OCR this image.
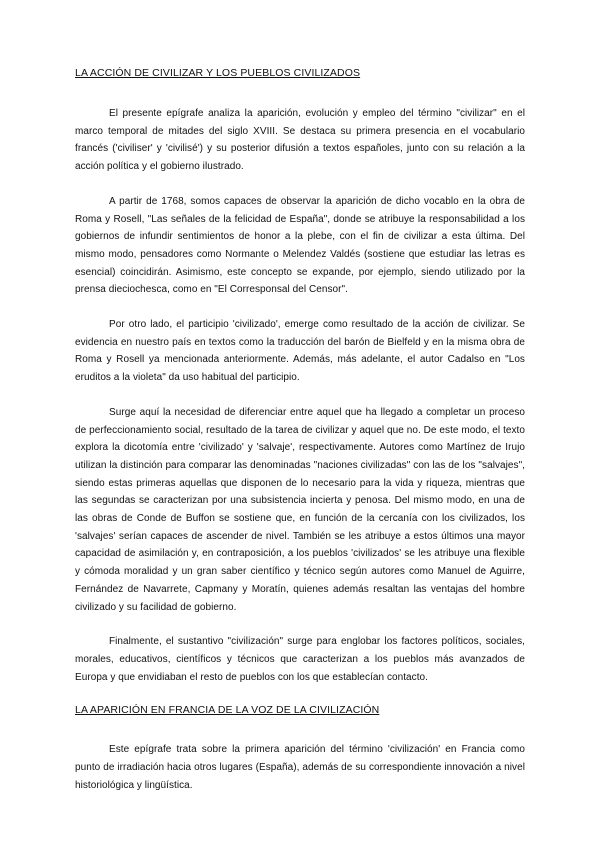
LA ACCIÓN DE CIVILIZAR Y LOS PUEBLOS CIVILIZADOS

El presente epígrafe analiza la aparición, evolución y empleo del término "civilizar" en el marco temporal de mitades del siglo XVIII. Se destaca su primera presencia en el vocabulario francés ('civiliser' y 'civilisé') y su posterior difusión a textos españoles, junto con su relación a la acción política y el gobierno ilustrado.

A partir de 1768, somos capaces de observar la aparición de dicho vocablo en la obra de Roma y Rosell, "Las señales de la felicidad de España", donde se atribuye la responsabilidad a los gobiernos de infundir sentimientos de honor a la plebe, con el fin de civilizar a esta última. Del mismo modo, pensadores como Normante o Melendez Valdés (sostiene que estudiar las letras es esencial) coincidirán. Asimismo, este concepto se expande, por ejemplo, siendo utilizado por la prensa dieciochesca, como en "El Corresponsal del Censor".

Por otro lado, el participio 'civilizado', emerge como resultado de la acción de civilizar. Se evidencia en nuestro país en textos como la traducción del barón de Bielfeld y en la misma obra de Roma y Rosell ya mencionada anteriormente. Además, más adelante, el autor Cadalso en "Los eruditos a la violeta" da uso habitual del participio.

Surge aquí la necesidad de diferenciar entre aquel que ha llegado a completar un proceso de perfeccionamiento social, resultado de la tarea de civilizar y aquel que no. De este modo, el texto explora la dicotomía entre 'civilizado' y 'salvaje', respectivamente. Autores como Martínez de Irujo utilizan la distinción para comparar las denominadas "naciones civilizadas" con las de los "salvajes", siendo estas primeras aquellas que disponen de lo necesario para la vida y riqueza, mientras que las segundas se caracterizan por una subsistencia incierta y penosa. Del mismo modo, en una de las obras de Conde de Buffon se sostiene que, en función de la cercanía con los civilizados, los 'salvajes' serían capaces de ascender de nivel. También se les atribuye a estos últimos una mayor capacidad de asimilación y, en contraposición, a los pueblos 'civilizados' se les atribuye una flexible y cómoda moralidad y un gran saber científico y técnico según autores como Manuel de Aguirre, Fernández de Navarrete, Capmany y Moratín, quienes además resaltan las ventajas del hombre civilizado y su facilidad de gobierno.

Finalmente, el sustantivo "civilización" surge para englobar los factores políticos, sociales, morales, educativos, científicos y técnicos que caracterizan a los pueblos más avanzados de Europa y que envidiaban el resto de pueblos con los que establecían contacto.

LA APARICIÓN EN FRANCIA DE LA VOZ DE LA CIVILIZACIÓN

Este epígrafe trata sobre la primera aparición del término 'civilización' en Francia como punto de irradiación hacia otros lugares (España), además de su correspondiente innovación a nivel historiológica y lingüística.
